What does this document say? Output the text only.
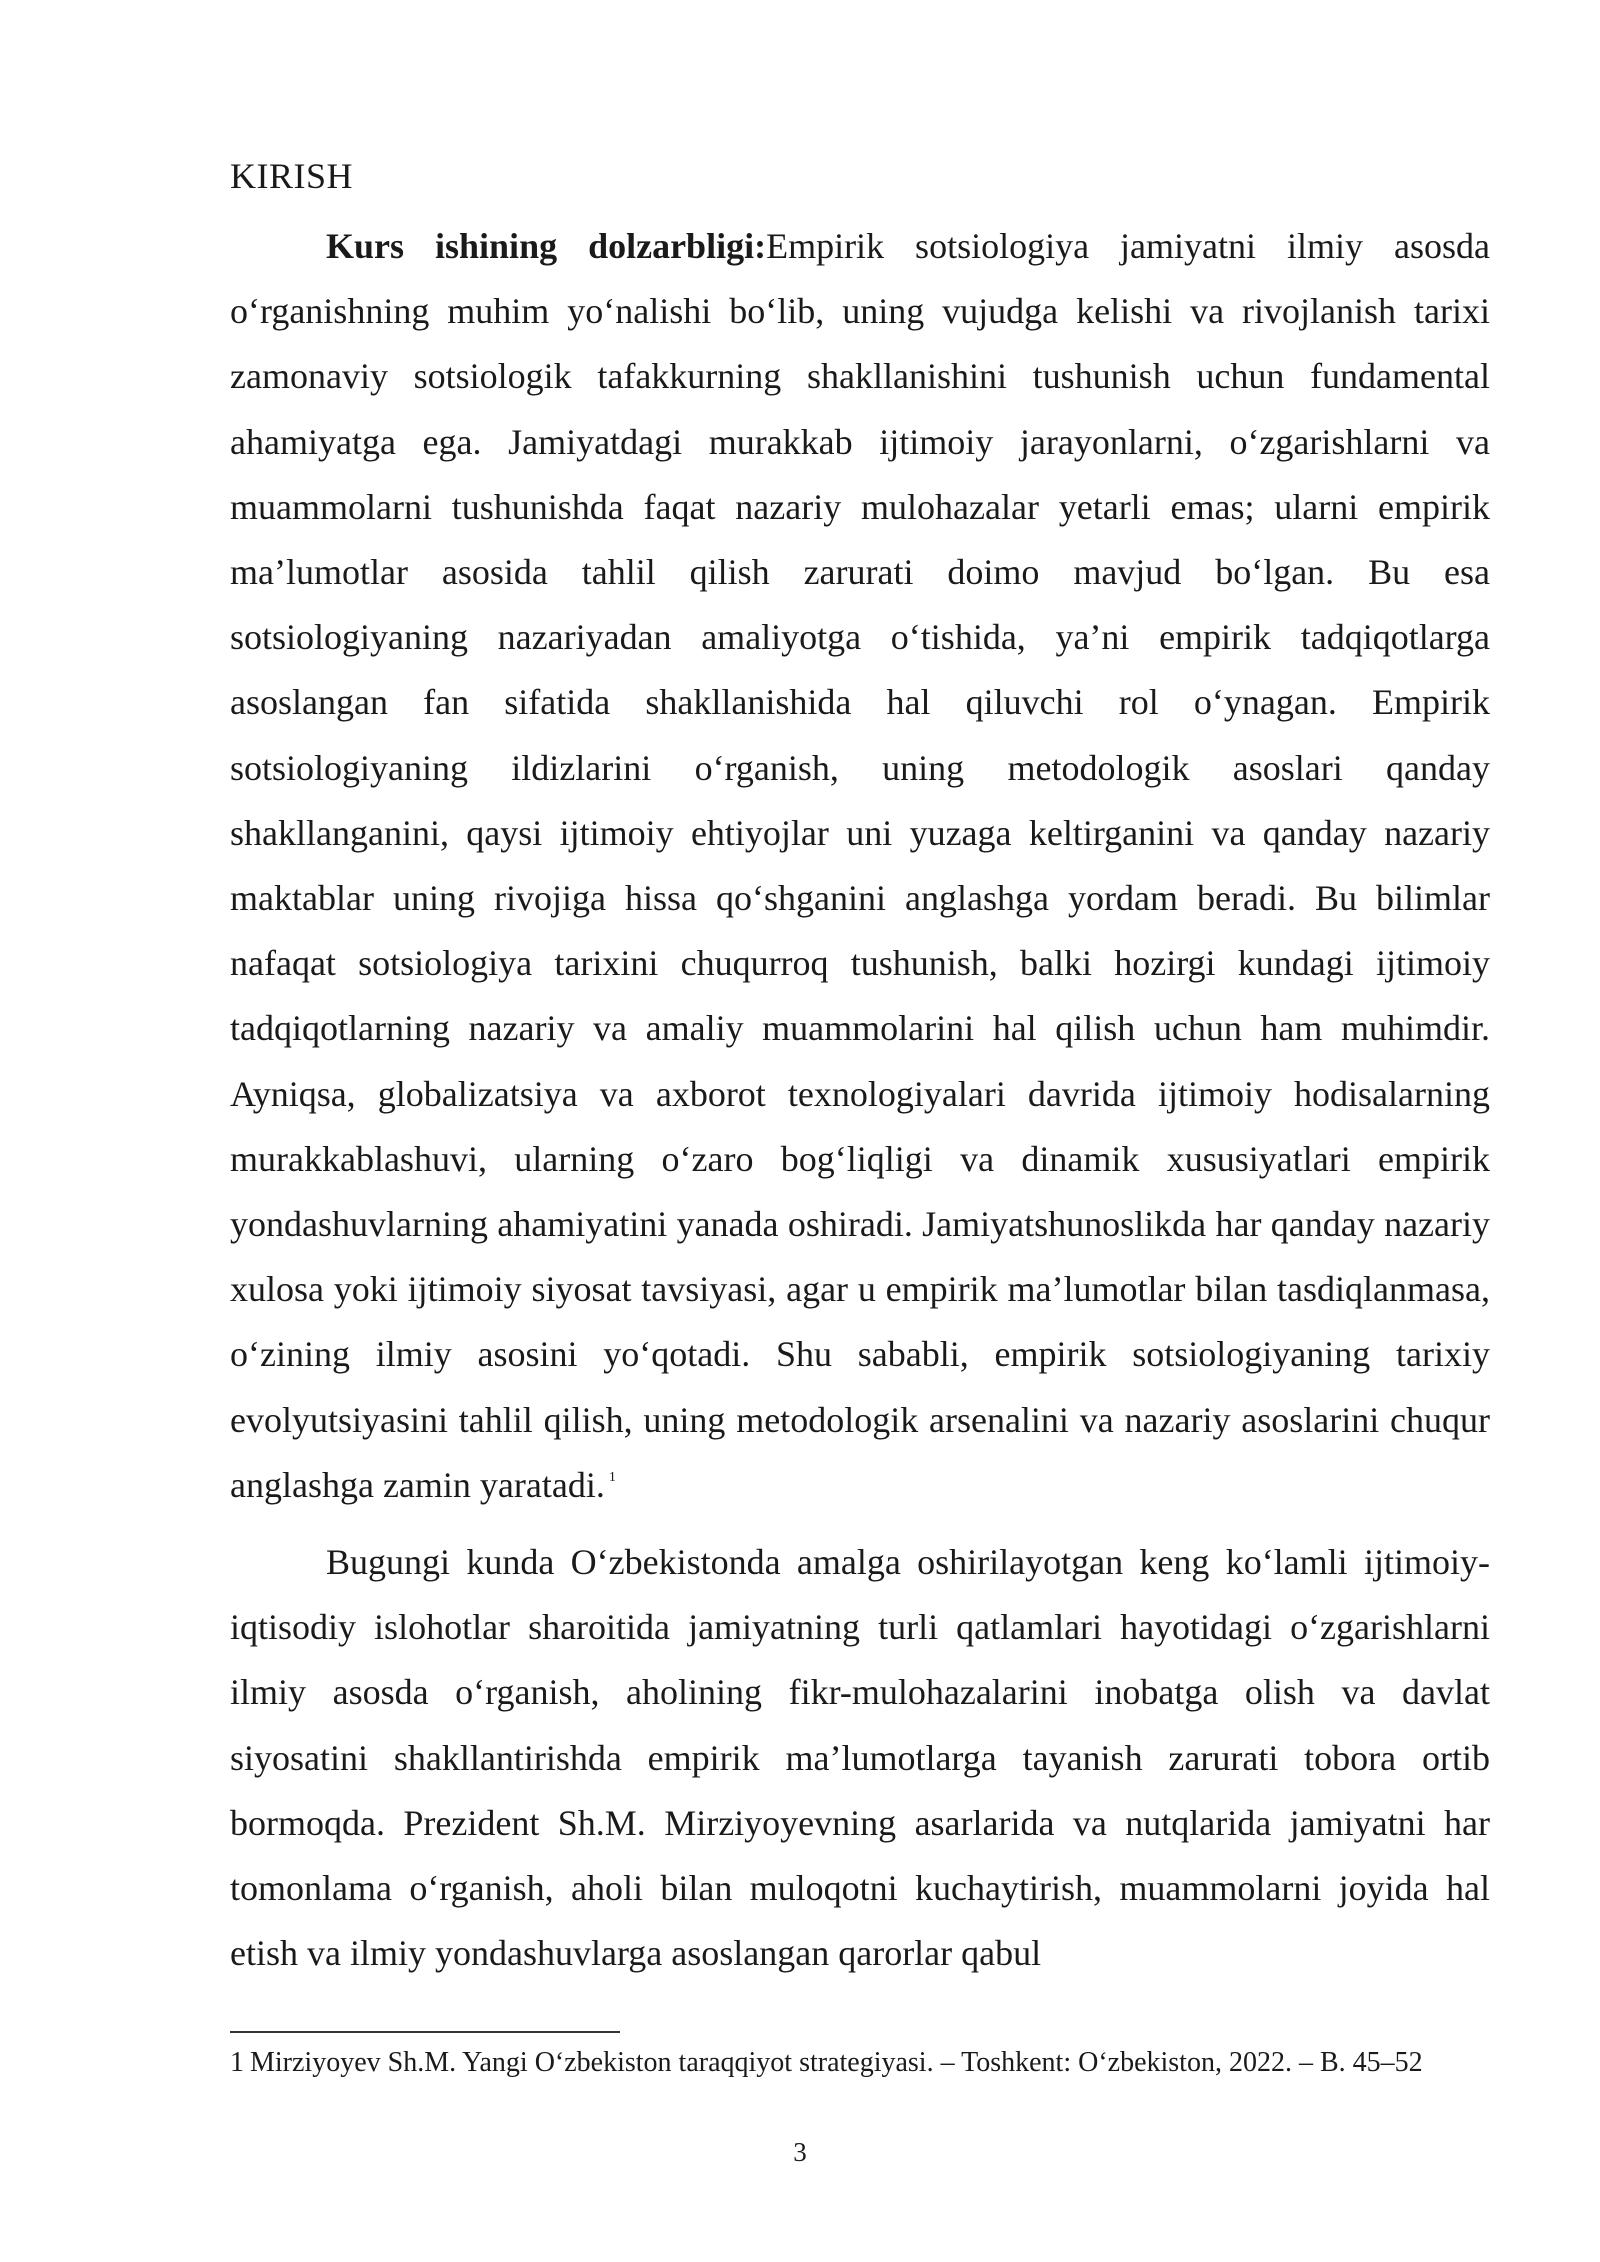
KIRISH

Kurs ishining dolzarbligi:Empirik sotsiologiya jamiyatni ilmiy asosda o‘rganishning muhim yo‘nalishi bo‘lib, uning vujudga kelishi va rivojlanish tarixi zamonaviy sotsiologik tafakkurning shakllanishini tushunish uchun fundamental ahamiyatga ega. Jamiyatdagi murakkab ijtimoiy jarayonlarni, o‘zgarishlarni va muammolarni tushunishda faqat nazariy mulohazalar yetarli emas; ularni empirik ma’lumotlar asosida tahlil qilish zarurati doimo mavjud bo‘lgan. Bu esa sotsiologiyaning nazariyadan amaliyotga o‘tishida, ya’ni empirik tadqiqotlarga asoslangan fan sifatida shakllanishida hal qiluvchi rol o‘ynagan. Empirik sotsiologiyaning ildizlarini o‘rganish, uning metodologik asoslari qanday shakllanganini, qaysi ijtimoiy ehtiyojlar uni yuzaga keltirganini va qanday nazariy maktablar uning rivojiga hissa qo‘shganini anglashga yordam beradi. Bu bilimlar nafaqat sotsiologiya tarixini chuqurroq tushunish, balki hozirgi kundagi ijtimoiy tadqiqotlarning nazariy va amaliy muammolarini hal qilish uchun ham muhimdir. Ayniqsa, globalizatsiya va axborot texnologiyalari davrida ijtimoiy hodisalarning murakkablashuvi, ularning o‘zaro bog‘liqligi va dinamik xususiyatlari empirik yondashuvlarning ahamiyatini yanada oshiradi. Jamiyatshunoslikda har qanday nazariy xulosa yoki ijtimoiy siyosat tavsiyasi, agar u empirik ma’lumotlar bilan tasdiqlanmasa, o‘zining ilmiy asosini yo‘qotadi. Shu sababli, empirik sotsiologiyaning tarixiy evolyutsiyasini tahlil qilish, uning metodologik arsenalini va nazariy asoslarini chuqur anglashga zamin yaratadi. $^1$

Bugungi kunda O‘zbekistonda amalga oshirilayotgan keng ko‘lamli ijtimoiy-iqtisodiy islohotlar sharoitida jamiyatning turli qatlamlari hayotidagi o‘zgarishlarni ilmiy asosda o‘rganish, aholining fikr-mulohazalarini inobatga olish va davlat siyosatini shakllantirishda empirik ma’lumotlarga tayanish zarurati tobora ortib bormoqda. Prezident Sh.M. Mirziyoyevning asarlarida va nutqlarida jamiyatni har tomonlama o‘rganish, aholi bilan muloqotni kuchaytirish, muammolarni joyida hal etish va ilmiy yondashuvlarga asoslangan qarorlar qabul

1 Mirziyoyev Sh.M. Yangi O‘zbekiston taraqqiyot strategiyasi. – Toshkent: O‘zbekiston, 2022. – B. 45–52

3
